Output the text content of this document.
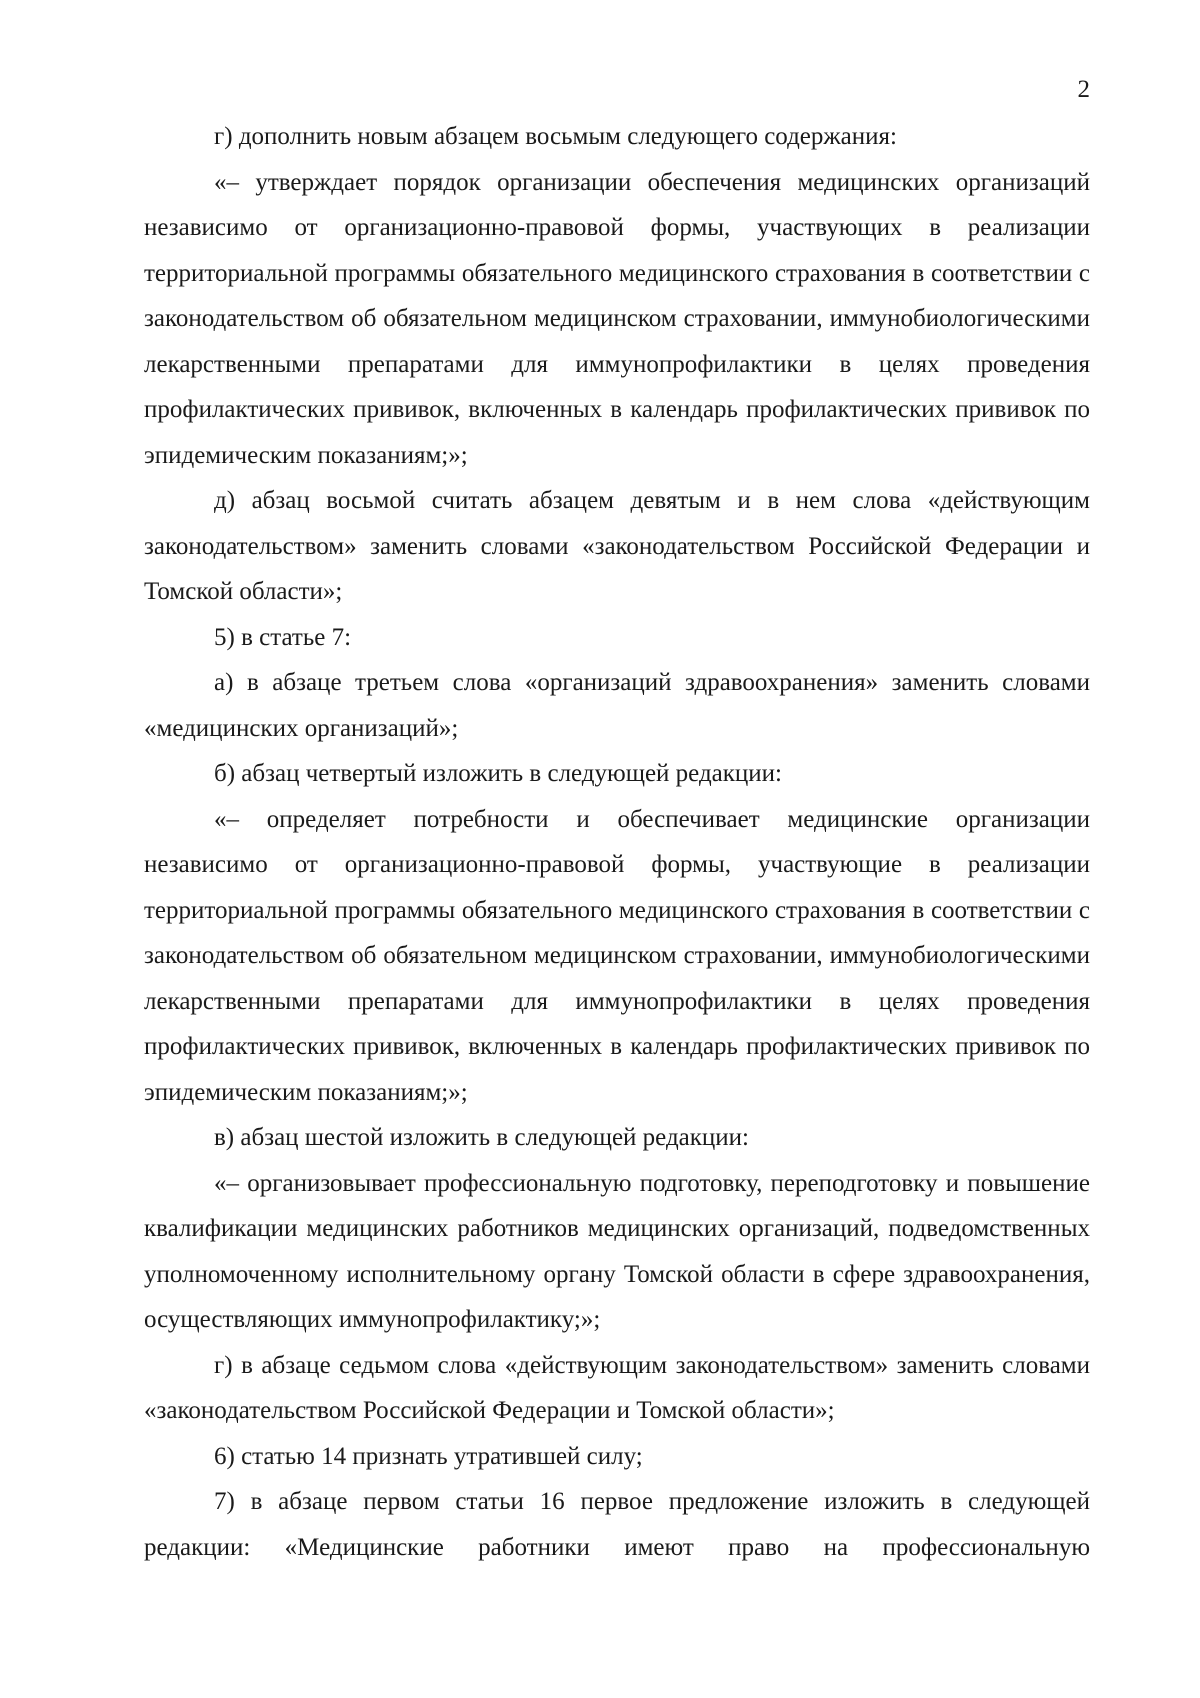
2

г) дополнить новым абзацем восьмым следующего содержания:

«– утверждает порядок организации обеспечения медицинских организаций независимо от организационно-правовой формы, участвующих в реализации территориальной программы обязательного медицинского страхования в соответствии с законодательством об обязательном медицинском страховании, иммунобиологическими лекарственными препаратами для иммунопрофилактики в целях проведения профилактических прививок, включенных в календарь профилактических прививок по эпидемическим показаниям;»;

д) абзац восьмой считать абзацем девятым и в нем слова «действующим законодательством» заменить словами «законодательством Российской Федерации и Томской области»;

5) в статье 7:

а) в абзаце третьем слова «организаций здравоохранения» заменить словами «медицинских организаций»;

б) абзац четвертый изложить в следующей редакции:

«– определяет потребности и обеспечивает медицинские организации независимо от организационно-правовой формы, участвующие в реализации территориальной программы обязательного медицинского страхования в соответствии с законодательством об обязательном медицинском страховании, иммунобиологическими лекарственными препаратами для иммунопрофилактики в целях проведения профилактических прививок, включенных в календарь профилактических прививок по эпидемическим показаниям;»;

в) абзац шестой изложить в следующей редакции:

«– организовывает профессиональную подготовку, переподготовку и повышение квалификации медицинских работников медицинских организаций, подведомственных уполномоченному исполнительному органу Томской области в сфере здравоохранения, осуществляющих иммунопрофилактику;»;

г) в абзаце седьмом слова «действующим законодательством» заменить словами «законодательством Российской Федерации и Томской области»;

6) статью 14 признать утратившей силу;

7) в абзаце первом статьи 16 первое предложение изложить в следующей редакции: «Медицинские работники имеют право на профессиональную
